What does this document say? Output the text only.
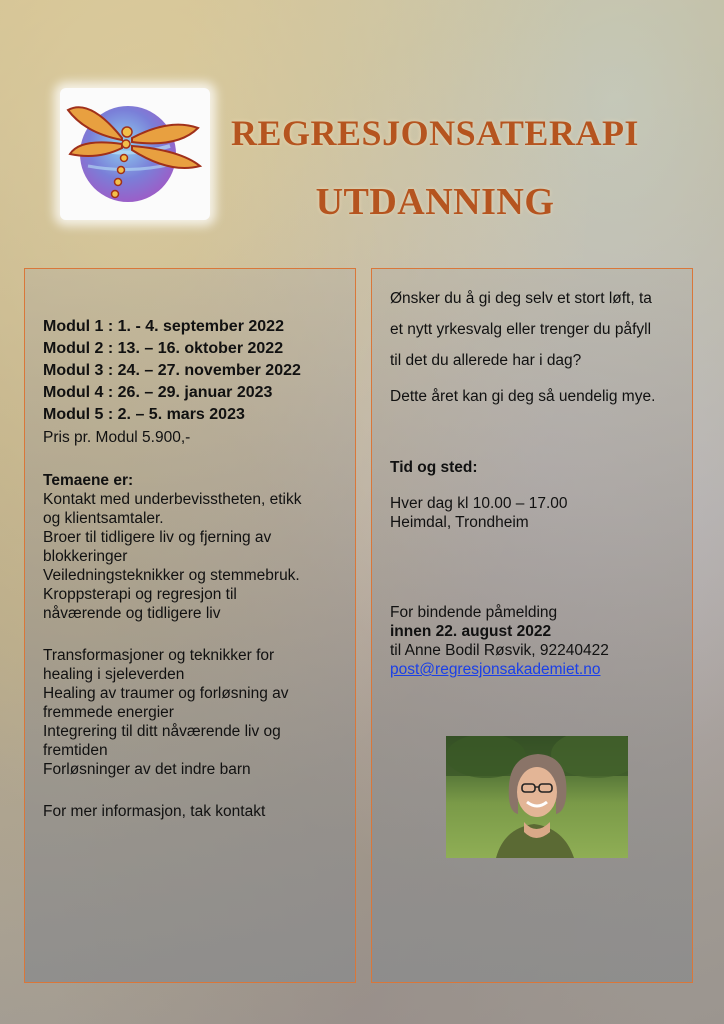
REGRESJONSATERAPI
UTDANNING
Modul 1 : 1. - 4. september 2022
Modul 2 : 13. – 16. oktober 2022
Modul 3 : 24. – 27. november 2022
Modul 4 : 26. – 29. januar 2023
Modul 5 : 2. – 5. mars 2023
Pris pr. Modul 5.900,-
Temaene er:
Kontakt med underbevisstheten, etikk
og klientsamtaler.
Broer til tidligere liv og fjerning av
blokkeringer
Veiledningsteknikker og stemmebruk.
Kroppsterapi og regresjon til
nåværende og tidligere liv
Transformasjoner og teknikker for
healing i sjeleverden
Healing av traumer og forløsning av
fremmede energier
Integrering til ditt nåværende liv og
fremtiden
Forløsninger av det indre barn
For mer informasjon, tak kontakt
Ønsker du å gi deg selv et stort løft, ta
et nytt yrkesvalg eller trenger du påfyll
til det du allerede har i dag?
Dette året kan gi deg så uendelig mye.
Tid og sted:
Hver dag kl 10.00 – 17.00
Heimdal, Trondheim
For bindende påmelding
innen 22. august 2022
til Anne Bodil Røsvik, 92240422
post@regresjonsakademiet.no
